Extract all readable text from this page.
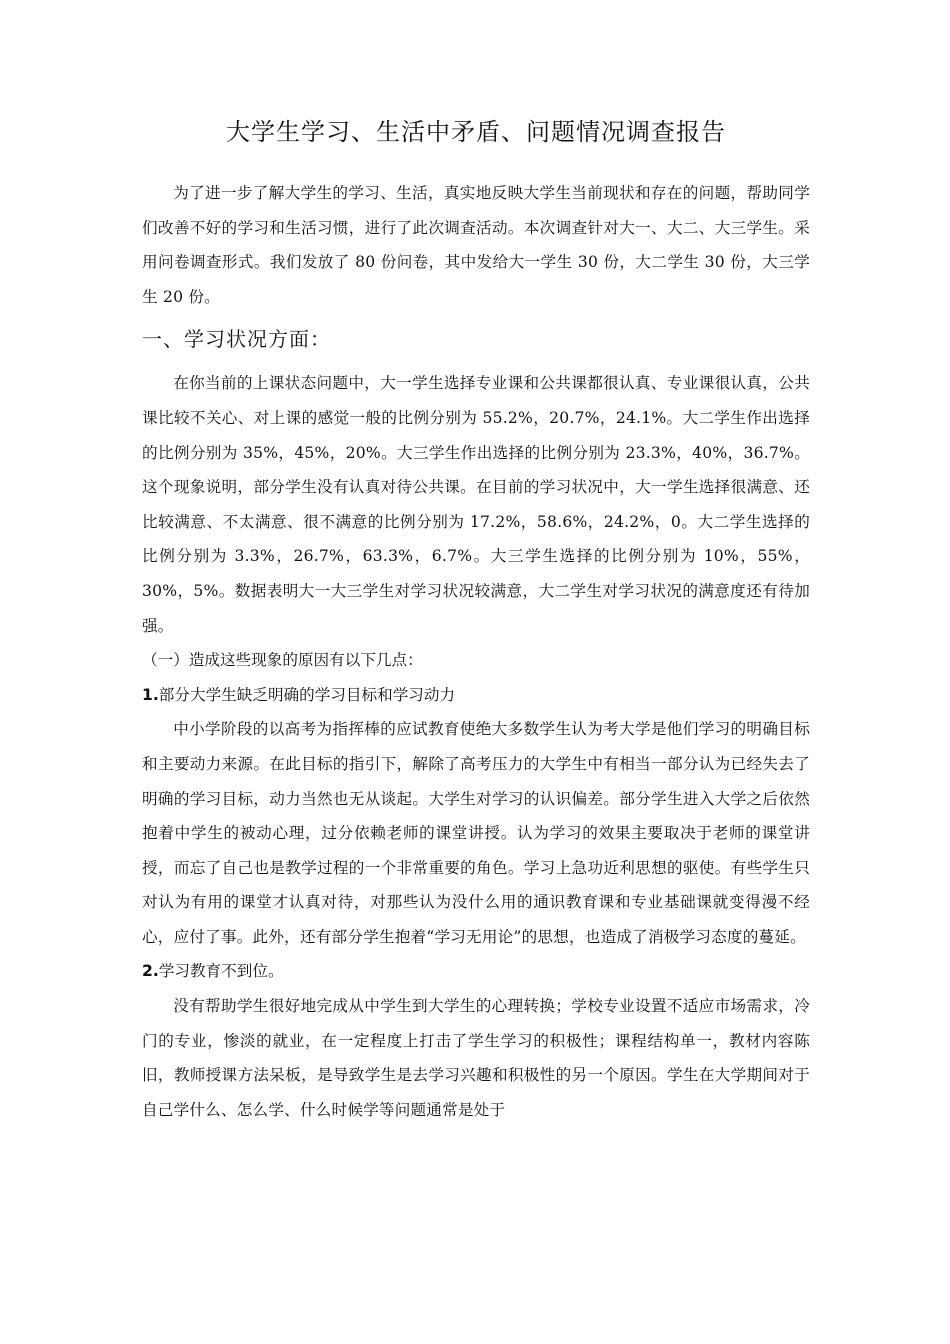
大学生学习、生活中矛盾、问题情况调查报告

为了进一步了解大学生的学习、生活，真实地反映大学生当前现状和存在的问题，帮助同学们改善不好的学习和生活习惯，进行了此次调查活动。本次调查针对大一、大二、大三学生。采用问卷调查形式。我们发放了 80 份问卷，其中发给大一学生 30 份，大二学生 30 份，大三学生 20 份。

一、学习状况方面：

在你当前的上课状态问题中，大一学生选择专业课和公共课都很认真、专业课很认真，公共课比较不关心、对上课的感觉一般的比例分别为 55.2%，20.7%，24.1%。大二学生作出选择的比例分别为 35%，45%，20%。大三学生作出选择的比例分别为 23.3%，40%，36.7%。这个现象说明，部分学生没有认真对待公共课。在目前的学习状况中，大一学生选择很满意、还比较满意、不太满意、很不满意的比例分别为 17.2%，58.6%，24.2%，0。大二学生选择的比例分别为 3.3%，26.7%，63.3%，6.7%。大三学生选择的比例分别为 10%，55%，30%，5%。数据表明大一大三学生对学习状况较满意，大二学生对学习状况的满意度还有待加强。

（一）造成这些现象的原因有以下几点：
1.部分大学生缺乏明确的学习目标和学习动力

中小学阶段的以高考为指挥棒的应试教育使绝大多数学生认为考大学是他们学习的明确目标和主要动力来源。在此目标的指引下，解除了高考压力的大学生中有相当一部分认为已经失去了明确的学习目标，动力当然也无从谈起。大学生对学习的认识偏差。部分学生进入大学之后依然抱着中学生的被动心理，过分依赖老师的课堂讲授。认为学习的效果主要取决于老师的课堂讲授，而忘了自己也是教学过程的一个非常重要的角色。学习上急功近利思想的驱使。有些学生只对认为有用的课堂才认真对待，对那些认为没什么用的通识教育课和专业基础课就变得漫不经心，应付了事。此外，还有部分学生抱着“学习无用论”的思想，也造成了消极学习态度的蔓延。

2.学习教育不到位。

没有帮助学生很好地完成从中学生到大学生的心理转换；学校专业设置不适应市场需求，冷门的专业，惨淡的就业，在一定程度上打击了学生学习的积极性；课程结构单一，教材内容陈旧，教师授课方法呆板，是导致学生是去学习兴趣和积极性的另一个原因。学生在大学期间对于自己学什么、怎么学、什么时候学等问题通常是处于
